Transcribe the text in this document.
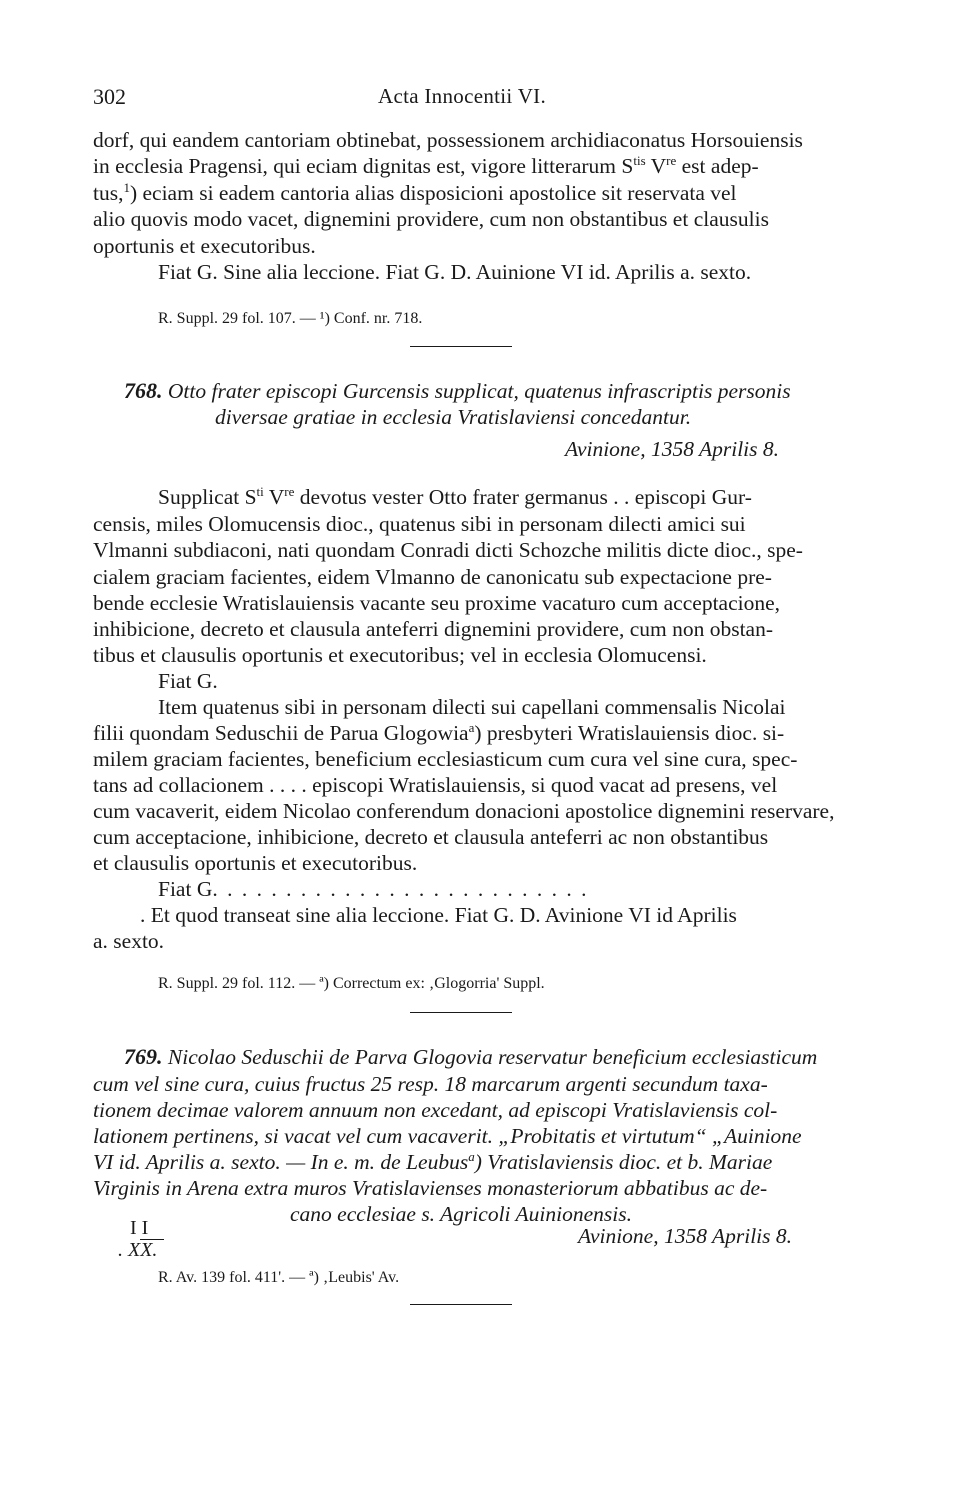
302	Acta Innocentii VI.
dorf, qui eandem cantoriam obtinebat, possessionem archidiaconatus Horsouiensis
in ecclesia Pragensi, qui eciam dignitas est, vigore litterarum $S^{tis}$ Vre est adep-
tus,$^1$) eciam si eadem cantoria alias disposicioni apostolice sit reservata vel
alio quovis modo vacet, dignemini providere, cum non obstantibus et clausulis
oportunis et executoribus.
Fiat G. Sine alia leccione. Fiat G. D. Auinione VI id. Aprilis a. sexto.
R. Suppl. 29 fol. 107. — ¹) Conf. nr. 718.
768. Otto frater episcopi Gurcensis supplicat, quatenus infrascriptis personis
diversae gratiae in ecclesia Vratislaviensi concedantur.
Avinione, 1358 Aprilis 8.
Supplicat $S^{ti}$ Vre devotus vester Otto frater germanus . . episcopi Gur-
censis, miles Olomucensis dioc., quatenus sibi in personam dilecti amici sui
Vlmanni subdiaconi, nati quondam Conradi dicti Schozche militis dicte dioc., spe-
cialem graciam facientes, eidem Vlmanno de canonicatu sub expectacione pre-
bende ecclesie Wratislauiensis vacante seu proxime vacaturo cum acceptacione,
inhibicione, decreto et clausula anteferri dignemini providere, cum non obstan-
tibus et clausulis oportunis et executoribus; vel in ecclesia Olomucensi.
Fiat G.
Item quatenus sibi in personam dilecti sui capellani commensalis Nicolai
filii quondam Seduschii de Parua Glogowia$^a$) presbyteri Wratislauiensis dioc. si-
milem graciam facientes, beneficium ecclesiasticum cum cura vel sine cura, spec-
tans ad collacionem . . . . episcopi Wratislauiensis, si quod vacat ad presens, vel
cum vacaverit, eidem Nicolao conferendum donacioni apostolice dignemini reservare,
cum acceptacione, inhibicione, decreto et clausula anteferri ac non obstantibus
et clausulis oportunis et executoribus.
Fiat G. . . . . . . . . . . . . . . . . . . . . . . . . .
. Et quod transeat sine alia leccione. Fiat G. D. Avinione VI id Aprilis
a. sexto.
R. Suppl. 29 fol. 112. — ª) Correctum ex: ‚Glogorria' Suppl.
769. Nicolao Seduschii de Parva Glogovia reservatur beneficium ecclesiasticum
cum vel sine cura, cuius fructus 25 resp. 18 marcarum argenti secundum taxa-
tionem decimae valorem annuum non excedant, ad episcopi Vratislaviensis col-
lationem pertinens, si vacat vel cum vacaverit. „Probitatis et virtutum“ „Auinione
VI id. Aprilis a. sexto. — In e. m. de Leubus$^a$) Vratislaviensis dioc. et b. Mariae
Virginis in Arena extra muros Vratislavienses monasteriorum abbatibus ac de-
cano ecclesiae s. Agricoli Auinionensis.
I I
. XX.
Avinione, 1358 Aprilis 8.
R. Av. 139 fol. 411'. — ª) ‚Leubis' Av.
